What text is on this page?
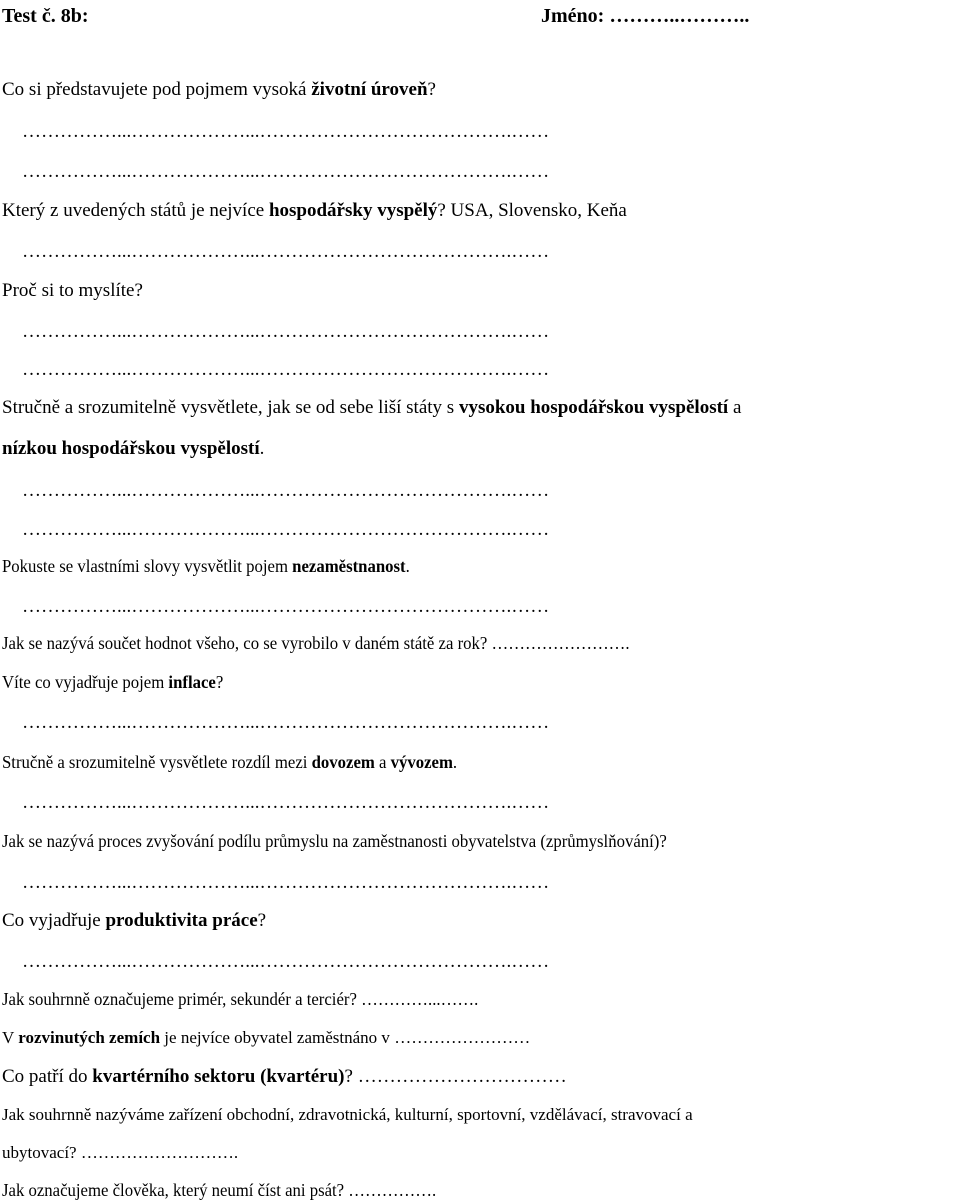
Test č. 8b:	Jméno: ………..………..
Co si představujete pod pojmem vysoká životní úroveň?
……………...………………...………………………………….……
……………...………………...………………………………….……
Který z uvedených států je nejvíce hospodářsky vyspělý? USA, Slovensko, Keňa
……………...………………...………………………………….……
Proč si to myslíte?
……………...………………...………………………………….……
……………...………………...………………………………….……
Stručně a srozumitelně vysvětlete, jak se od sebe liší státy s vysokou hospodářskou vyspělostí a
nízkou hospodářskou vyspělostí.
……………...………………...………………………………….……
……………...………………...………………………………….……
Pokuste se vlastními slovy vysvětlit pojem nezaměstnanost.
……………...………………...………………………………….……
Jak se nazývá součet hodnot všeho, co se vyrobilo v daném státě za rok? …………………….
Víte co vyjadřuje pojem inflace?
……………...………………...………………………………….……
Stručně a srozumitelně vysvětlete rozdíl mezi dovozem a vývozem.
……………...………………...………………………………….……
Jak se nazývá proces zvyšování podílu průmyslu na zaměstnanosti obyvatelstva (zprůmyslňování)?
……………...………………...………………………………….……
Co vyjadřuje produktivita práce?
……………...………………...………………………………….……
Jak souhrnně označujeme primér, sekundér a terciér? …………...…….
V rozvinutých zemích je nejvíce obyvatel zaměstnáno v ……………………
Co patří do kvartérního sektoru (kvartéru)? ……………………………
Jak souhrnně nazýváme zařízení obchodní, zdravotnická, kulturní, sportovní, vzdělávací, stravovací a
ubytovací? ……………………….
Jak označujeme člověka, který neumí číst ani psát? …………….
